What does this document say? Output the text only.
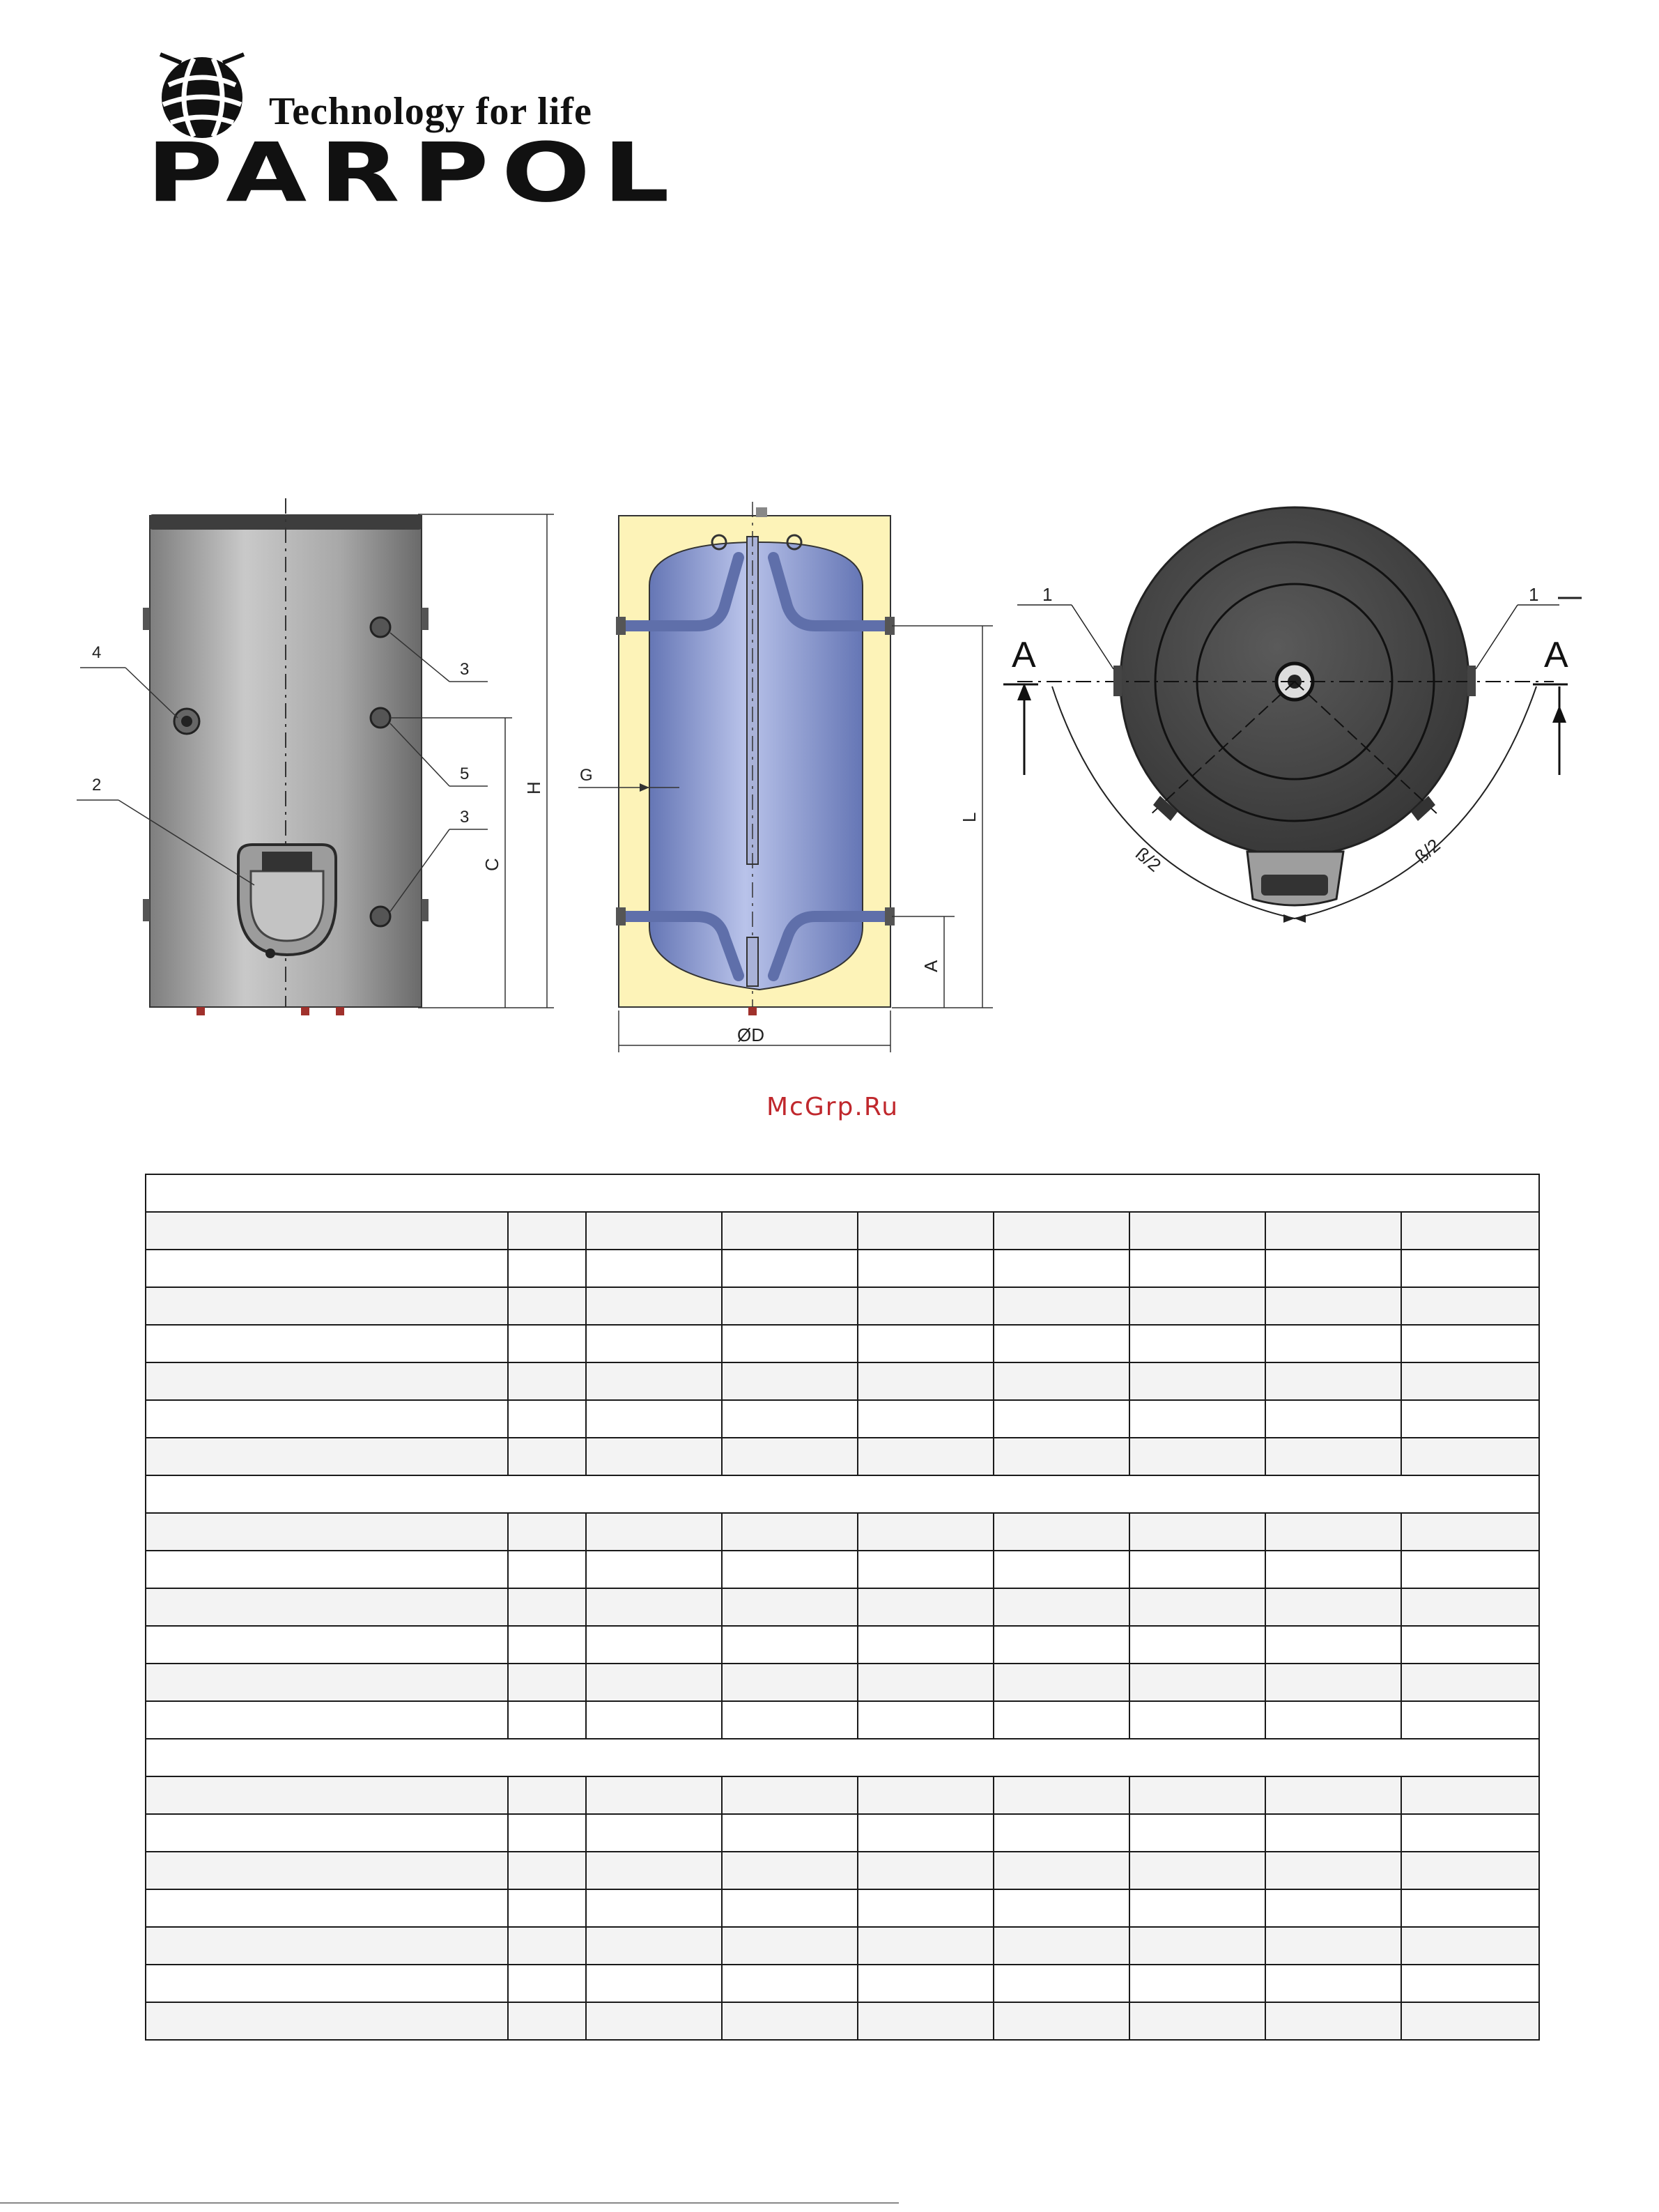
Technology for life
PARPOL
H
C
4
2
3
5
3
G
L
A
ØD
ß/2	ß/2
A	A
1	1
McGrp.Ru
